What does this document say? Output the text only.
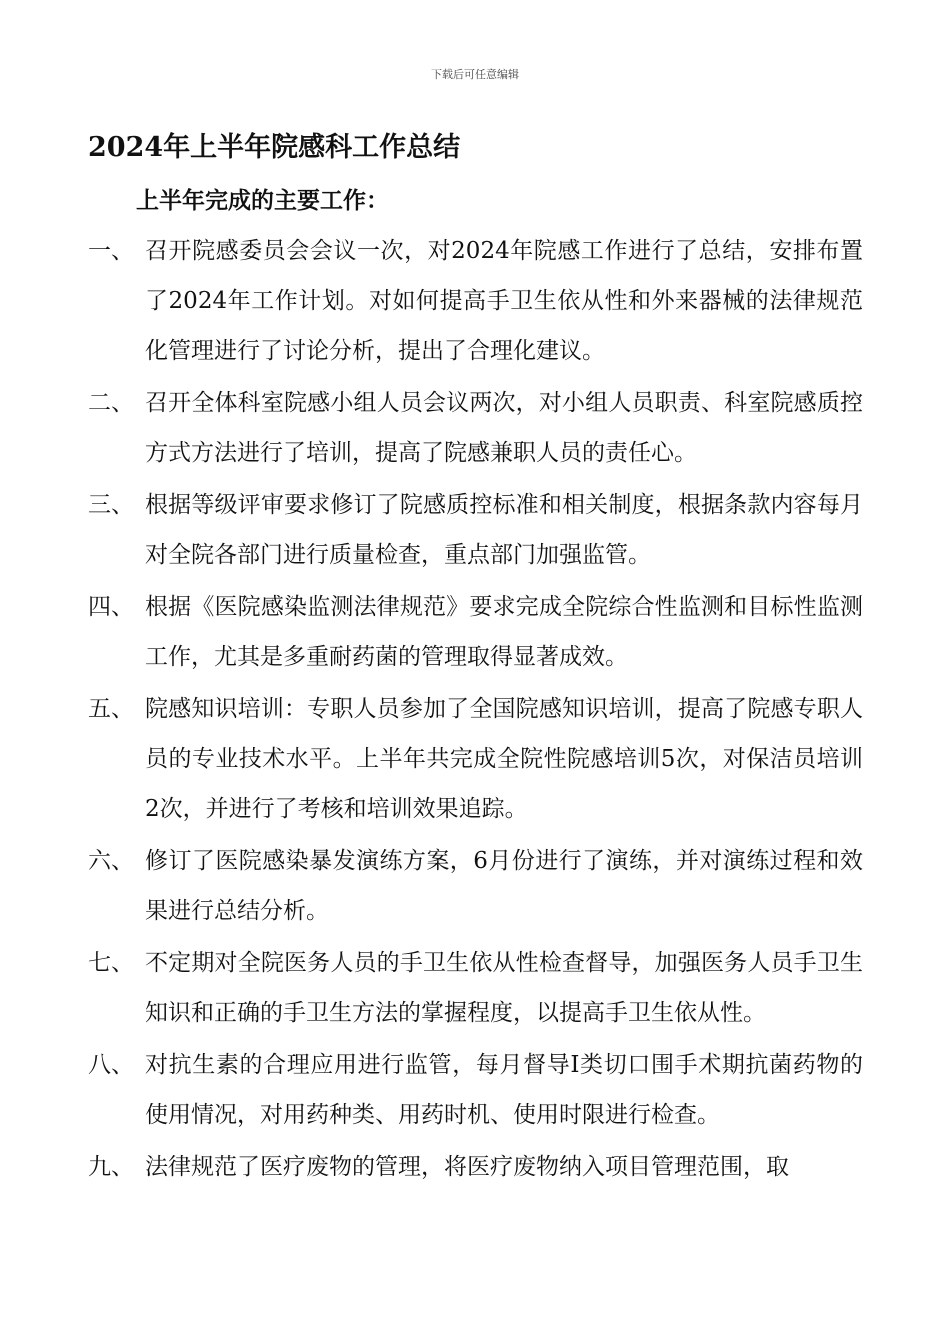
下载后可任意编辑
2024年上半年院感科工作总结
上半年完成的主要工作：
一、 召开院感委员会会议一次，对2024年院感工作进行了总结，安排布置了2024年工作计划。对如何提高手卫生依从性和外来器械的法律规范化管理进行了讨论分析，提出了合理化建议。
二、 召开全体科室院感小组人员会议两次，对小组人员职责、科室院感质控方式方法进行了培训，提高了院感兼职人员的责任心。
三、 根据等级评审要求修订了院感质控标准和相关制度，根据条款内容每月对全院各部门进行质量检查，重点部门加强监管。
四、 根据《医院感染监测法律规范》要求完成全院综合性监测和目标性监测工作，尤其是多重耐药菌的管理取得显著成效。
五、 院感知识培训：专职人员参加了全国院感知识培训，提高了院感专职人员的专业技术水平。上半年共完成全院性院感培训5次，对保洁员培训2次，并进行了考核和培训效果追踪。
六、 修订了医院感染暴发演练方案，6月份进行了演练，并对演练过程和效果进行总结分析。
七、 不定期对全院医务人员的手卫生依从性检查督导，加强医务人员手卫生知识和正确的手卫生方法的掌握程度，以提高手卫生依从性。
八、 对抗生素的合理应用进行监管，每月督导Ⅰ类切口围手术期抗菌药物的使用情况，对用药种类、用药时机、使用时限进行检查。
九、 法律规范了医疗废物的管理，将医疗废物纳入项目管理范围，取
